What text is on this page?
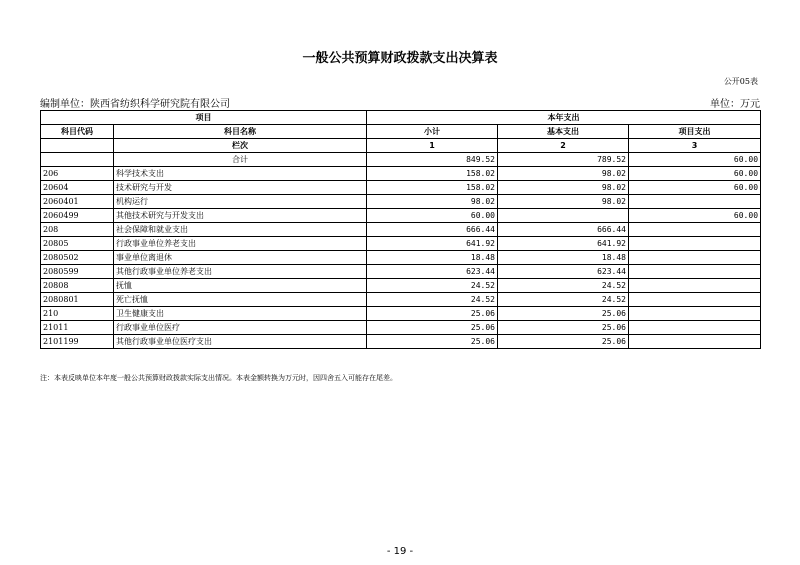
一般公共预算财政拨款支出决算表
公开05表
编制单位：陕西省纺织科学研究院有限公司	单位：万元
项目		本年支出		
科目代码	科目名称	小计	基本支出	项目支出
	栏次	1	2	3
	合计	849.52	789.52	60.00
206	科学技术支出	158.02	98.02	60.00
20604	技术研究与开发	158.02	98.02	60.00
2060401	机构运行	98.02	98.02	
2060499	其他技术研究与开发支出	60.00		60.00
208	社会保障和就业支出	666.44	666.44	
20805	行政事业单位养老支出	641.92	641.92	
2080502	事业单位离退休	18.48	18.48	
2080599	其他行政事业单位养老支出	623.44	623.44	
20808	抚恤	24.52	24.52	
2080801	死亡抚恤	24.52	24.52	
210	卫生健康支出	25.06	25.06	
21011	行政事业单位医疗	25.06	25.06	
2101199	其他行政事业单位医疗支出	25.06	25.06	
注：本表反映单位本年度一般公共预算财政拨款实际支出情况。本表金额转换为万元时，因四舍五入可能存在尾差。
- 19 -
